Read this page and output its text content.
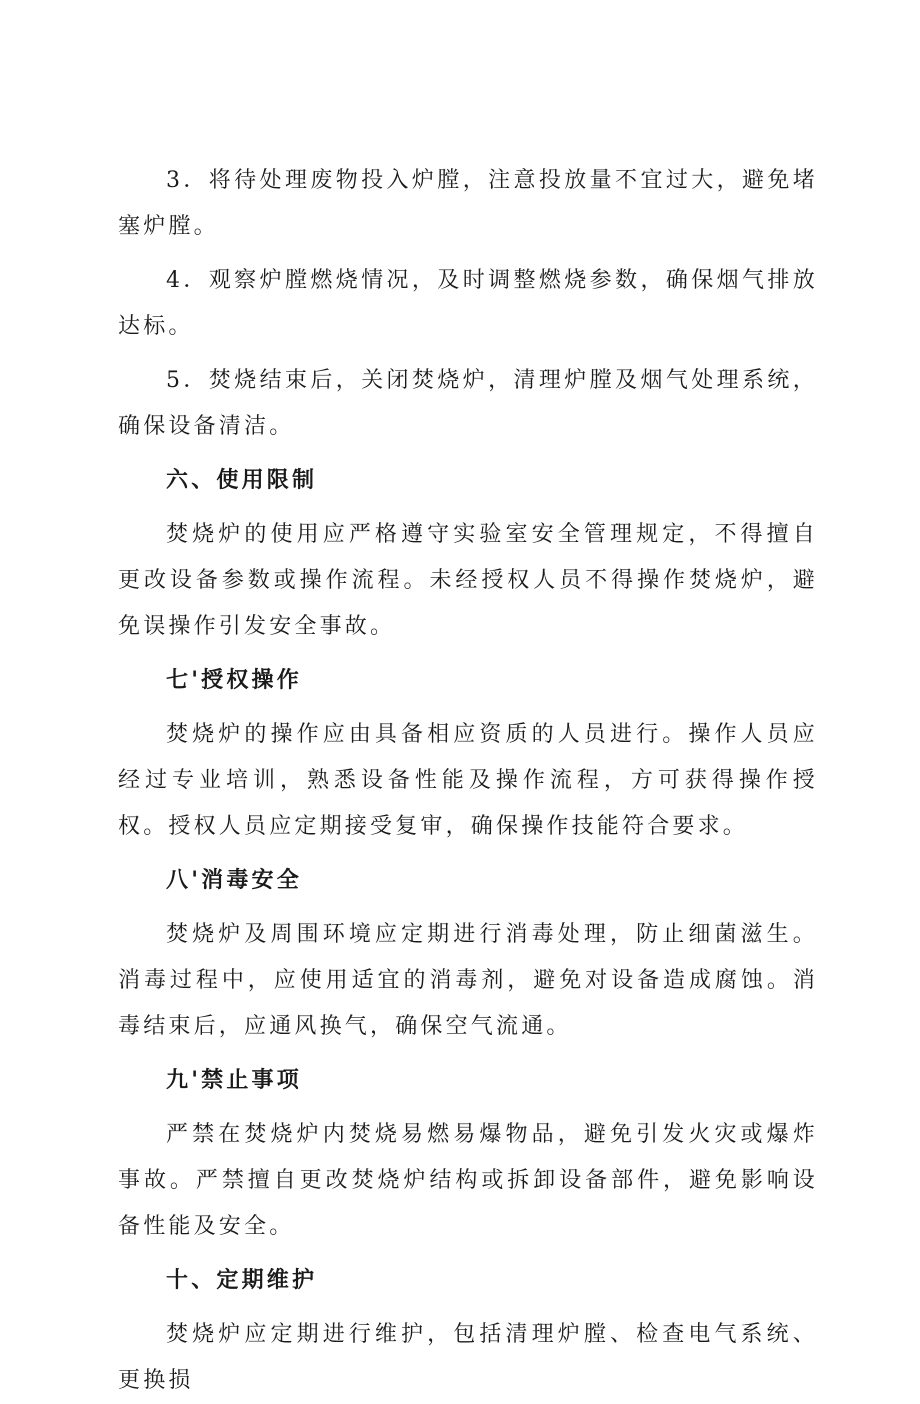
3．将待处理废物投入炉膛，注意投放量不宜过大，避免堵塞炉膛。

4．观察炉膛燃烧情况，及时调整燃烧参数，确保烟气排放达标。

5．焚烧结束后，关闭焚烧炉，清理炉膛及烟气处理系统，确保设备清洁。

六、使用限制

焚烧炉的使用应严格遵守实验室安全管理规定，不得擅自更改设备参数或操作流程。未经授权人员不得操作焚烧炉，避免误操作引发安全事故。

七'授权操作

焚烧炉的操作应由具备相应资质的人员进行。操作人员应经过专业培训，熟悉设备性能及操作流程，方可获得操作授权。授权人员应定期接受复审，确保操作技能符合要求。

八'消毒安全

焚烧炉及周围环境应定期进行消毒处理，防止细菌滋生。消毒过程中，应使用适宜的消毒剂，避免对设备造成腐蚀。消毒结束后，应通风换气，确保空气流通。

九'禁止事项

严禁在焚烧炉内焚烧易燃易爆物品，避免引发火灾或爆炸事故。严禁擅自更改焚烧炉结构或拆卸设备部件，避免影响设备性能及安全。

十、定期维护

焚烧炉应定期进行维护，包括清理炉膛、检查电气系统、更换损
